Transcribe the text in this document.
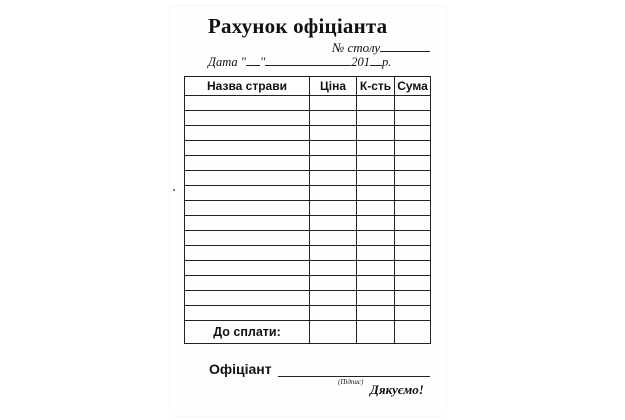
Рахунок офіціанта
№ столу
Дата " "	201 р.
Назва страви	Ціна	К-сть	Сума

До сплати:			
Офіціант
(Підпис) Дякуємо!
